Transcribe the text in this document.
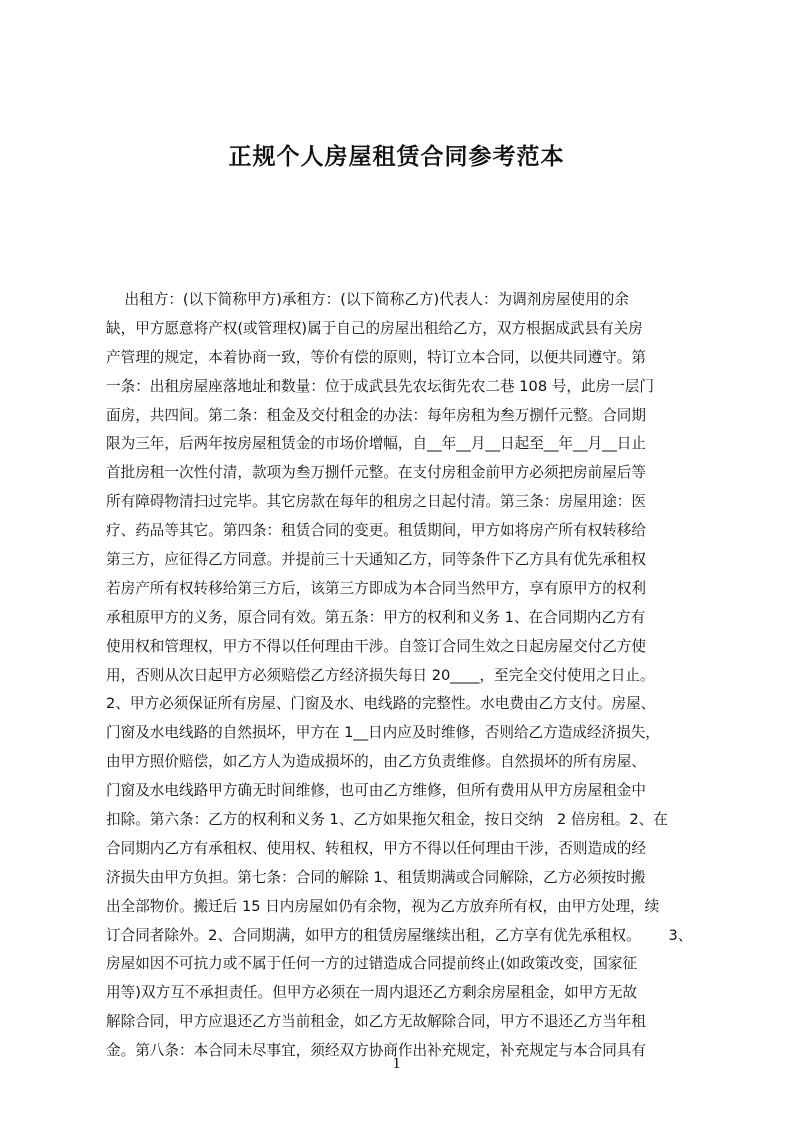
正规个人房屋租赁合同参考范本
出租方：(以下简称甲方)承租方：(以下简称乙方)代表人：为调剂房屋使用的余
缺，甲方愿意将产权(或管理权)属于自己的房屋出租给乙方，双方根据成武县有关房
产管理的规定，本着协商一致，等价有偿的原则，特订立本合同，以便共同遵守。第
一条：出租房屋座落地址和数量：位于成武县先农坛街先农二巷 108 号，此房一层门
面房，共四间。第二条：租金及交付租金的办法：每年房租为叁万捌仟元整。合同期
限为三年，后两年按房屋租赁金的市场价增幅，自__年__月__日起至__年__月__日止
首批房租一次性付清，款项为叁万捌仟元整。在支付房租金前甲方必须把房前屋后等
所有障碍物清扫过完毕。其它房款在每年的租房之日起付清。第三条：房屋用途：医
疗、药品等其它。第四条：租赁合同的变更。租赁期间，甲方如将房产所有权转移给
第三方，应征得乙方同意。并提前三十天通知乙方，同等条件下乙方具有优先承租权
若房产所有权转移给第三方后，该第三方即成为本合同当然甲方，享有原甲方的权利
承租原甲方的义务，原合同有效。第五条：甲方的权利和义务 1、在合同期内乙方有
使用权和管理权，甲方不得以任何理由干涉。自签订合同生效之日起房屋交付乙方使
用，否则从次日起甲方必须赔偿乙方经济损失每日 20____，至完全交付使用之日止。
2、甲方必须保证所有房屋、门窗及水、电线路的完整性。水电费由乙方支付。房屋、
门窗及水电线路的自然损坏，甲方在 1__日内应及时维修，否则给乙方造成经济损失，
由甲方照价赔偿，如乙方人为造成损坏的，由乙方负责维修。自然损坏的所有房屋、
门窗及水电线路甲方确无时间维修，也可由乙方维修，但所有费用从甲方房屋租金中
扣除。第六条：乙方的权利和义务 1、乙方如果拖欠租金，按日交纳   2 倍房租。2、在
合同期内乙方有承租权、使用权、转租权，甲方不得以任何理由干涉，否则造成的经
济损失由甲方负担。第七条：合同的解除 1、租赁期满或合同解除，乙方必须按时搬
出全部物价。搬迁后 15 日内房屋如仍有余物，视为乙方放弃所有权，由甲方处理，续
订合同者除外。2、合同期满，如甲方的租赁房屋继续出租，乙方享有优先承租权。      3、
房屋如因不可抗力或不属于任何一方的过错造成合同提前终止(如政策改变，国家征
用等)双方互不承担责任。但甲方必须在一周内退还乙方剩余房屋租金，如甲方无故
解除合同，甲方应退还乙方当前租金，如乙方无故解除合同，甲方不退还乙方当年租
金。第八条：本合同未尽事宜，须经双方协商作出补充规定，补充规定与本合同具有
1
